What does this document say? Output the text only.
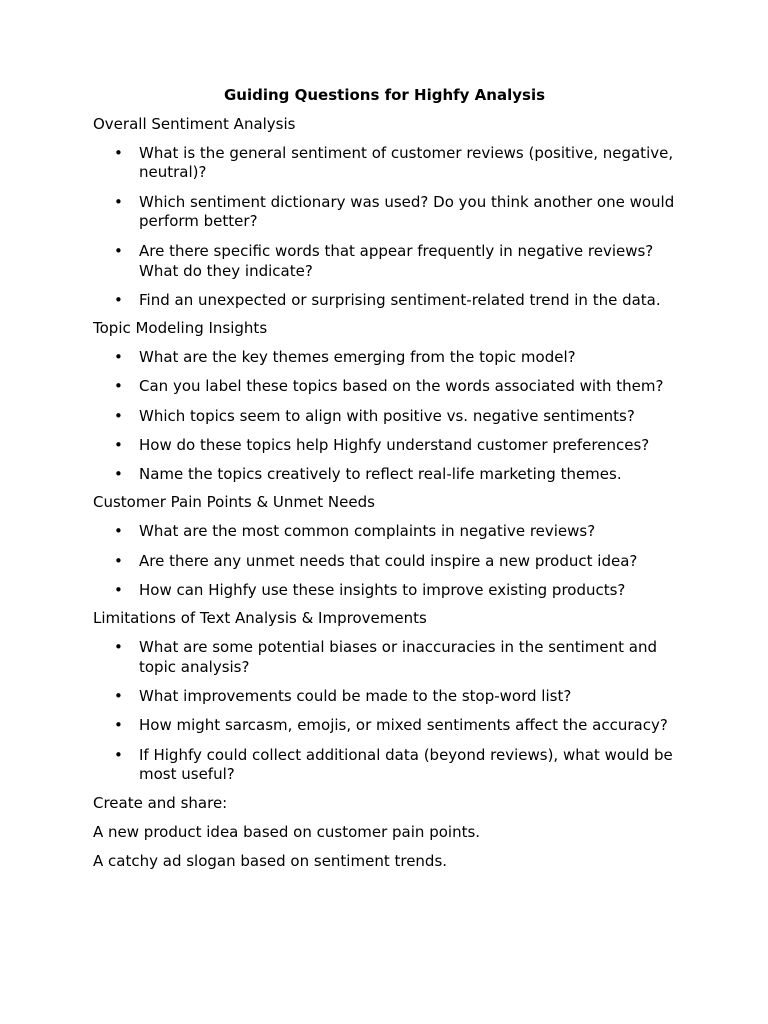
Guiding Questions for Highfy Analysis
Overall Sentiment Analysis
• What is the general sentiment of customer reviews (positive, negative, neutral)?
• Which sentiment dictionary was used? Do you think another one would perform better?
• Are there specific words that appear frequently in negative reviews? What do they indicate?
• Find an unexpected or surprising sentiment-related trend in the data.
Topic Modeling Insights
• What are the key themes emerging from the topic model?
• Can you label these topics based on the words associated with them?
• Which topics seem to align with positive vs. negative sentiments?
• How do these topics help Highfy understand customer preferences?
• Name the topics creatively to reflect real-life marketing themes.
Customer Pain Points & Unmet Needs
• What are the most common complaints in negative reviews?
• Are there any unmet needs that could inspire a new product idea?
• How can Highfy use these insights to improve existing products?
Limitations of Text Analysis & Improvements
• What are some potential biases or inaccuracies in the sentiment and topic analysis?
• What improvements could be made to the stop-word list?
• How might sarcasm, emojis, or mixed sentiments affect the accuracy?
• If Highfy could collect additional data (beyond reviews), what would be most useful?
Create and share:
A new product idea based on customer pain points.
A catchy ad slogan based on sentiment trends.
